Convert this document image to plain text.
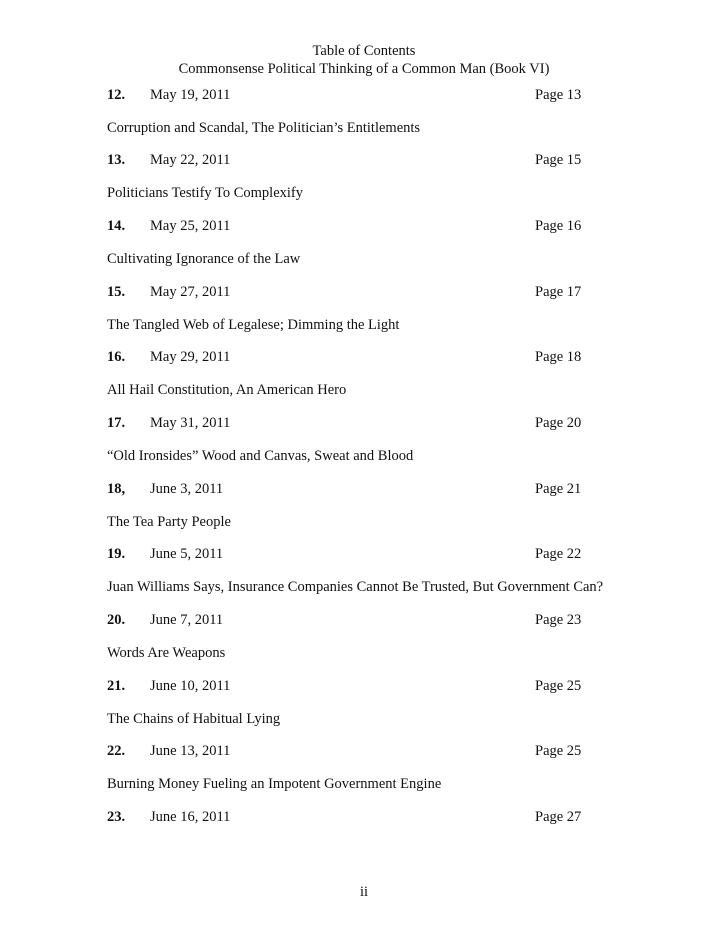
Table of Contents
Commonsense Political Thinking of a Common Man (Book VI)
12. May 19, 2011	Page 13
Corruption and Scandal, The Politician’s Entitlements
13. May 22, 2011	Page 15
Politicians Testify To Complexify
14. May 25, 2011	Page 16
Cultivating Ignorance of the Law
15. May 27, 2011	Page 17
The Tangled Web of Legalese; Dimming the Light
16. May 29, 2011	Page 18
All Hail Constitution, An American Hero
17. May 31, 2011	Page 20
“Old Ironsides” Wood and Canvas, Sweat and Blood
18, June 3, 2011	Page 21
The Tea Party People
19. June 5, 2011	Page 22
Juan Williams Says, Insurance Companies Cannot Be Trusted, But Government Can?
20. June 7, 2011	Page 23
Words Are Weapons
21. June 10, 2011	Page 25
The Chains of Habitual Lying
22. June 13, 2011	Page 25
Burning Money Fueling an Impotent Government Engine
23. June 16, 2011	Page 27
ii
